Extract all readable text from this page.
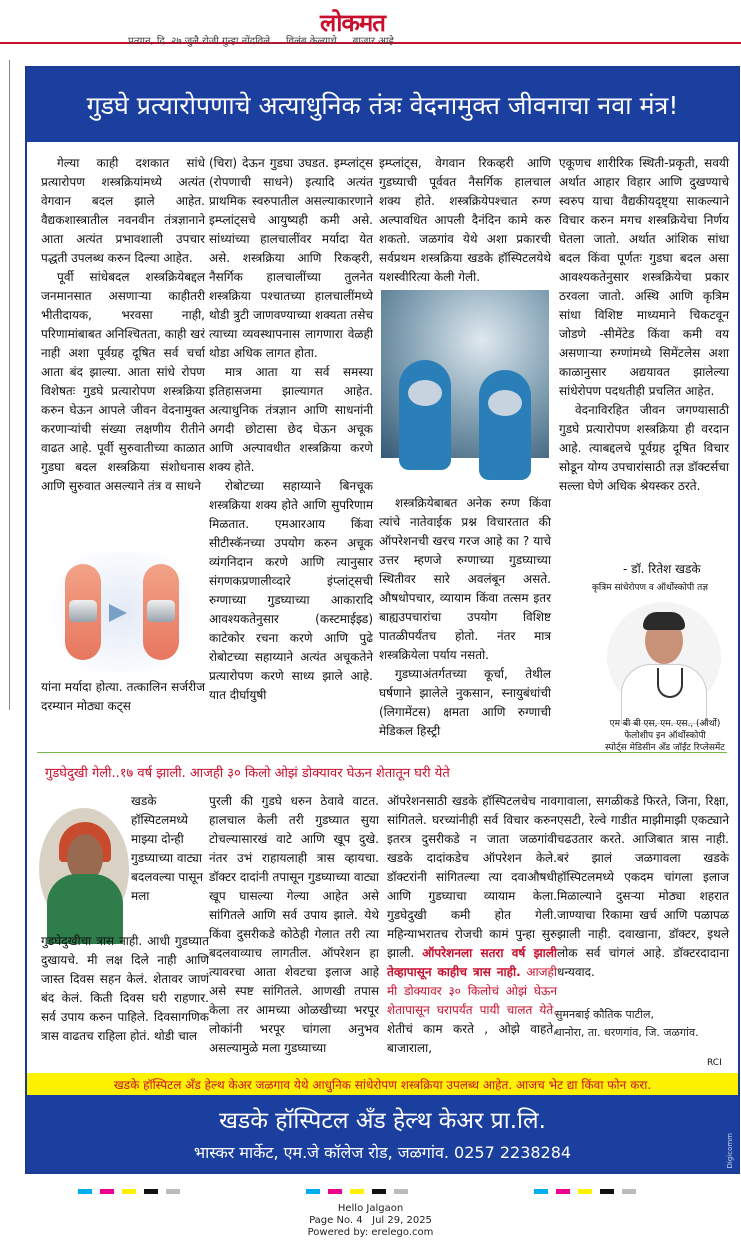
लोकमत
प्रत्यान, दि. २७ जुलै रोजी गुन्हा नोंदविले ... विलंब केल्याचे ... बाजार आहे.
गुडघे प्रत्यारोपणाचे अत्याधुनिक तंत्रः वेदनामुक्त जीवनाचा नवा मंत्र!

गेल्या काही दशकात सांधे प्रत्यारोपण शस्त्रक्रियांमध्ये अत्यंत वेगवान बदल झाले आहेत. वैद्यकशास्त्रातील नवनवीन तंत्रज्ञानाने आता अत्यंत प्रभावशाली उपचार पद्धती उपलब्ध करुन दिल्या आहेत.

पूर्वी सांधेबदल शस्त्रक्रियेबद्दल जनमानसात असणाऱ्या काहीतरी भीतीदायक, भरवसा नाही, परिणामांबाबत अनिश्चितता, काही खरं नाही अशा पूर्वग्रह दूषित सर्व चर्चा आता बंद झाल्या. आता सांधे रोपण विशेषतः गुडघे प्रत्यारोपण शस्त्रक्रिया करुन घेऊन आपले जीवन वेदनामुक्त करणाऱ्यांची संख्या लक्षणीय रीतीने वाढत आहे. पूर्वी सुरुवातीच्या काळात गुडघा बदल शस्त्रक्रिया संशोधनास आणि सुरुवात असल्याने तंत्र व साधने

यांना मर्यादा होत्या. तत्कालिन सर्जरीज दरम्यान मोठ्या कट्स

(चिरा) देऊन गुडघा उघडत. इम्प्लांट्स (रोपणाची साधने) इत्यादि अत्यंत प्राथमिक स्वरुपातील असल्याकारणाने इम्प्लांट्सचे आयुष्यही कमी असे. सांध्यांच्या हालचालींवर मर्यादा येत असे. शस्त्रक्रिया आणि रिकव्हरी, नैसर्गिक हालचालींच्या तुलनेत शस्त्रक्रिया पश्चातच्या हालचालींमध्ये थोडी त्रुटी जाणवण्याच्या शक्यता तसेच त्याच्या व्यवस्थापनास लागणारा वेळही थोडा अधिक लागत होता.

मात्र आता या सर्व समस्या इतिहासजमा झाल्यागत आहेत. अत्याधुनिक तंत्रज्ञान आणि साधनांनी अगदी छोटासा छेद घेऊन अचूक आणि अल्पावधीत शस्त्रक्रिया करणे शक्य होते.

रोबोटच्या सहाय्याने बिनचूक शस्त्रक्रिया शक्य होते आणि सुपरिणाम मिळतात. एमआरआय किंवा सीटीस्कॅनच्या उपयोग करुन अचूक व्यंगनिदान करणे आणि त्यानुसार संगणकप्रणालीव्दारे इंप्लांट्सची रुग्णाच्या गुडघ्याच्या आकारादि आवश्यकतेनुसार (कस्टमाईझ्ड) काटेकोर रचना करणे आणि पुढे रोबोटच्या सहाय्याने अत्यंत अचूकतेने प्रत्यारोपण करणे साध्य झाले आहे. यात दीर्घायुषी

इम्प्लांट्स, वेगवान रिकव्हरी आणि गुडघ्याची पूर्ववत नैसर्गिक हालचाल शक्य होते. शस्त्रक्रियेपश्चात रुग्ण अल्पावधित आपली दैनंदिन कामे करु शकतो. जळगांव येथे अशा प्रकारची सर्वप्रथम शस्त्रक्रिया खडके हॉस्पिटलयेथे यशस्वीरित्या केली गेली.

शस्त्रक्रियेबाबत अनेक रुग्ण किंवा त्यांचे नातेवाईक प्रश्न विचारतात की ऑपरेशनची खरच गरज आहे का ? याचे उत्तर म्हणजे रुग्णाच्या गुडघ्याच्या स्थितीवर सारे अवलंबून असते. औषधोपचार, व्यायाम किंवा तत्सम इतर बाह्यउपचारांचा उपयोग विशिष्ट पातळीपर्यंतच होतो. नंतर मात्र शस्त्रक्रियेला पर्याय नसतो.

गुडघ्याअंतर्गतच्या कूर्चा, तेथील घर्षणाने झालेले नुकसान, स्नायुबंधांची (लिगामेंटस) क्षमता आणि रुग्णाची मेडिकल हिस्ट्री

एकूणच शारीरिक स्थिती-प्रकृती, सवयी अर्थात आहार विहार आणि दुखण्याचे स्वरुप याचा वैद्यकीयदृष्ट्या साकल्याने विचार करुन मगच शस्त्रक्रियेचा निर्णय घेतला जातो. अर्थात आंशिक सांधा बदल किंवा पूर्णतः गुडघा बदल असा आवश्यकतेनुसार शस्त्रक्रियेचा प्रकार ठरवला जातो. अस्थि आणि कृत्रिम सांधा विशिष्ट माध्यमाने चिकटवून जोडणे -सीमेंटेड किंवा कमी वय असणाऱ्या रुग्णांमध्ये सिमेंटलेस अशा काळानुसार अद्ययावत झालेल्या सांधेरोपण पदधतीही प्रचलित आहेत.

वेदनाविरहित जीवन जगण्यासाठी गुडघे प्रत्यारोपण शस्त्रक्रिया ही वरदान आहे. त्याबद्दलचे पूर्वग्रह दूषित विचार सोडून योग्य उपचारांसाठी तज्ञ डॉक्टर्सचा सल्ला घेणे अधिक श्रेयस्कर ठरते.

- डॉ. रितेश खडके
कृत्रिम सांधेरोपण व ऑर्थोस्कोपी तज्ञ
एम बी बी एस, एम. एस., (ऑर्थो)
फेलोशीप इन ऑर्थोस्कोपी
स्पोर्ट्स मेडिसीन अँड जॉईंट रिप्लेसमेंट
गुडघेदुखी गेली..१७ वर्ष झाली. आजही ३० किलो ओझं डोक्यावर घेऊन शेतातून घरी येते
खडके हॉस्पिटलमध्ये माझ्या दोन्ही गुडघ्याच्या वाट्या बदलवल्या पासून मला
गुडघेदुखीचा त्रास नाही. आधी गुडघ्यात दुखायचे. मी लक्ष दिले नाही आणि जास्त दिवस सहन केलं. शेतावर जाणं बंद केलं. किती दिवस घरी राहणार. सर्व उपाय करुन पाहिले. दिवसागणिक त्रास वाढतच राहिला होतं. थोडी चाल
पुरली की गुडघे धरुन ठेवावे वाटत. हालचाल केली तरी गुडघ्यात सुया टोचल्यासारखं वाटे आणि खूप दुखे. नंतर उभं राहायलाही त्रास व्हायचा. डॉक्टर दादांनी तपासून गुडघ्याच्या वाट्या खूप घासल्या गेल्या आहेत असे सांगितले आणि सर्व उपाय झाले. येथे किंवा दुसरीकडे कोठेही गेलात तरी त्या बदलवाव्याच लागतील. ऑपरेशन हा त्यावरचा आता शेवटचा इलाज आहे असे स्पष्ट सांगितले. आणखी तपास केला तर आमच्या ओळखीच्या भरपूर लोकांनी भरपूर चांगला अनुभव असल्यामुळे मला गुडघ्याच्या
ऑपरेशनसाठी खडके हॉस्पिटलचेच नाव सांगितले. घरच्यांनीही सर्व विचार करुन इतरत्र दुसरीकडे न जाता जळगांवी खडके दादांकडेच ऑपरेशन केले. डॉक्टरांनी सांगितल्या त्या दवाऔषधी आणि गुडघ्याचा व्यायाम केला. गुडघेदुखी कमी होत गेली. महिन्याभरातच रोजची कामं पुन्हा सुरु झाली. ऑपरेशनला सतरा वर्ष झाली तेव्हापासून काहीच त्रास नाही. आजही मी डोक्यावर ३० किलोचं ओझं घेऊन शेतापासून घरापर्यंत पायी चालत येते. शेतीचं काम करते , ओझे वाहते, बाजाराला,
गावाला, सगळीकडे फिरते, जिना, रिक्षा, एसटी, रेल्वे गाडीत माझीमाझी एकट्याने चढउतार करते. आजिबात त्रास नाही. बरं झालं जळगावला खडके हॉस्पिटलमध्ये एकदम चांगला इलाज मिळाल्याने दुसऱ्या मोठ्या शहरात जाण्याचा रिकामा खर्च आणि पळापळ झाली नाही. दवाखाना, डॉक्टर, इथले लोक सर्व चांगलं आहे. डॉक्टरदादाना धन्यवाद.
सुमनबाई कौतिक पाटील,
धानोरा, ता. धरणगांव, जि. जळगांव.
RCI
खडके हॉस्पिटल अँड हेल्थ केअर जळगाव येथे आधुनिक सांधेरोपण शस्त्रक्रिया उपलब्ध आहेत. आजच भेट द्या किंवा फोन करा.
खडके हॉस्पिटल अँड हेल्थ केअर प्रा.लि.
भास्कर मार्केट, एम.जे कॉलेज रोड, जळगांव. 0257 2238284	Digicomm
Hello Jalgaon
Page No. 4   Jul 29, 2025
Powered by: erelego.com
